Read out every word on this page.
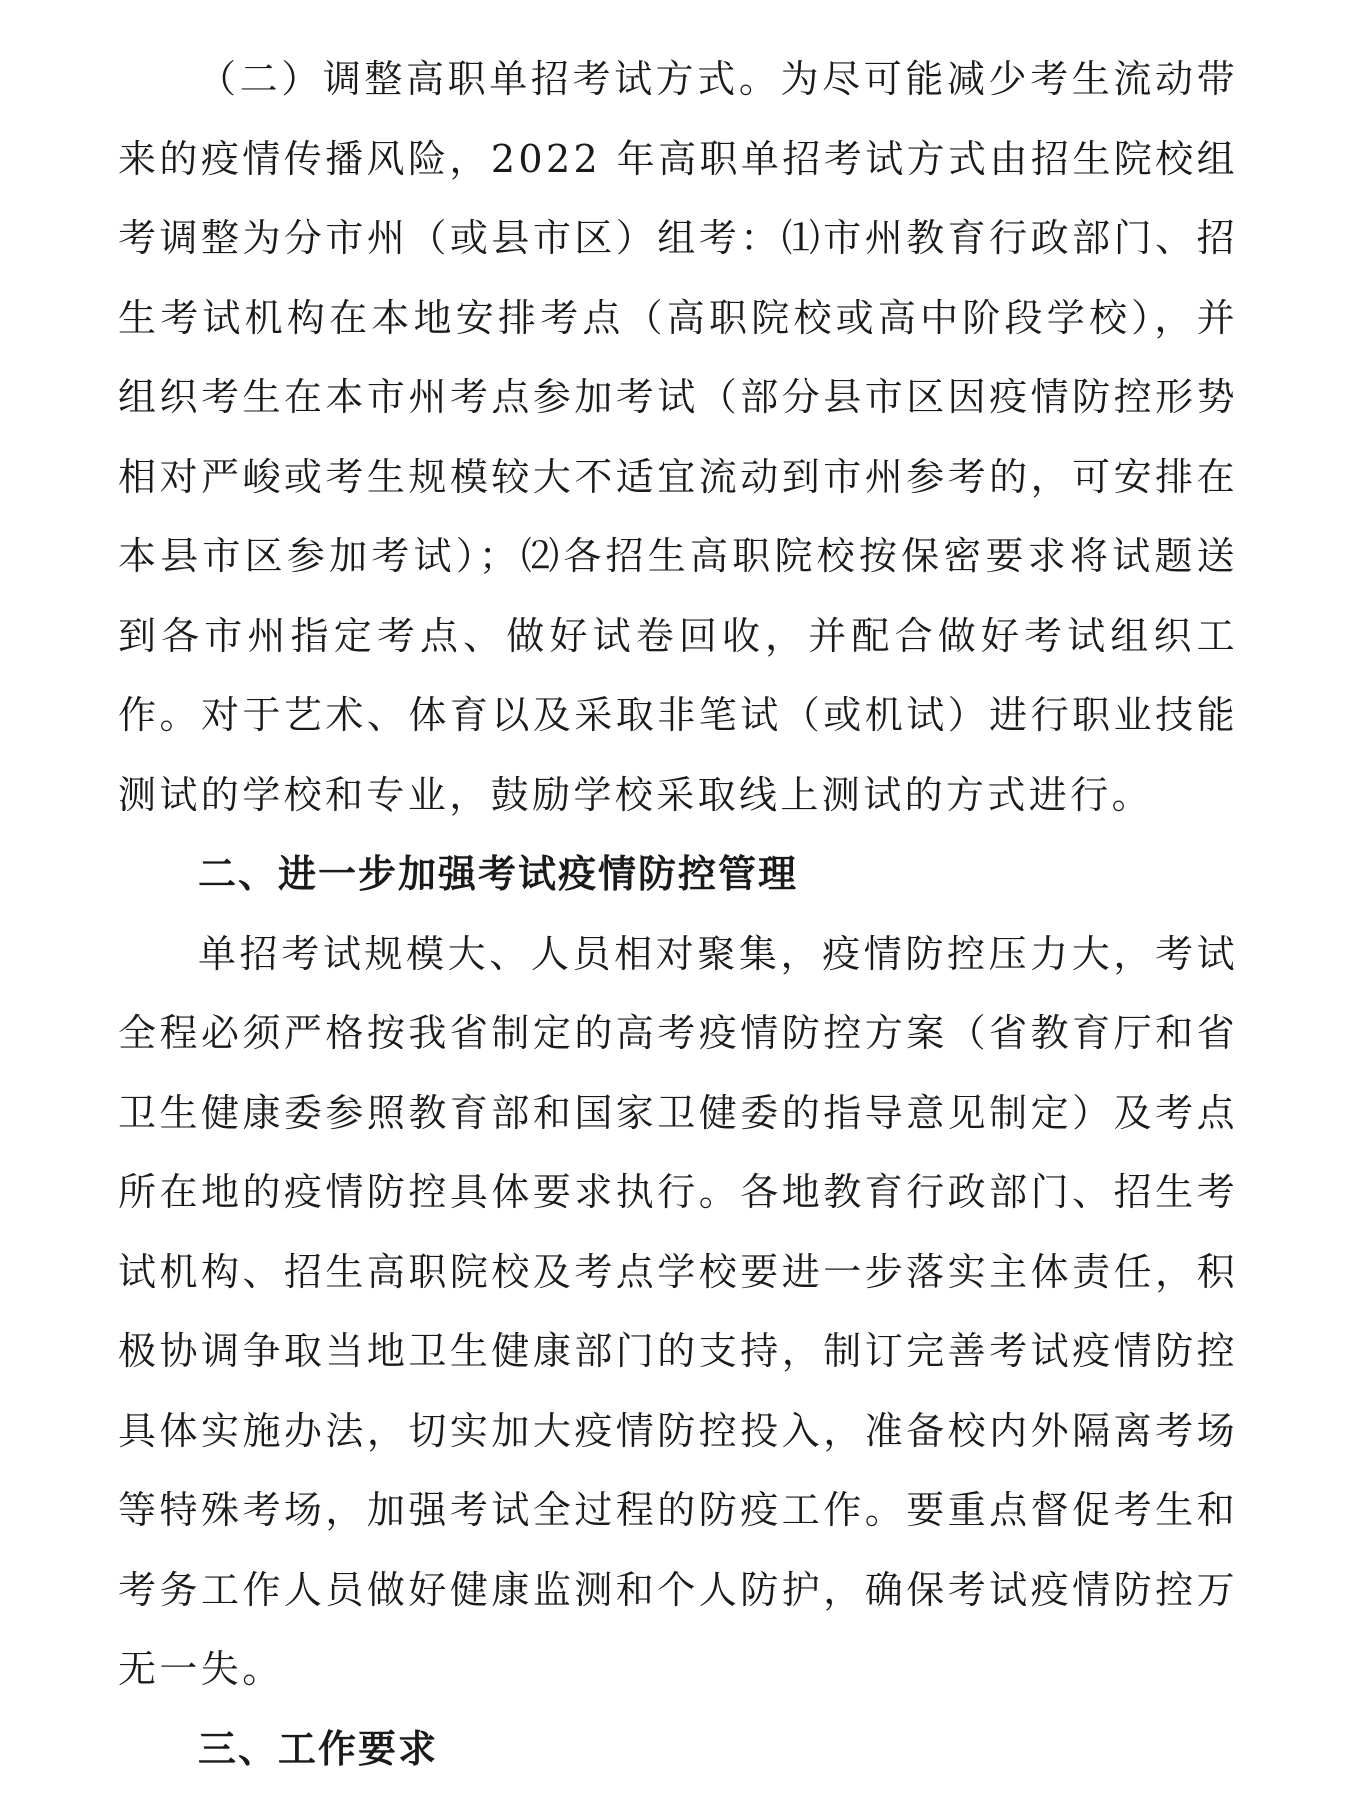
（二）调整高职单招考试方式。为尽可能减少考生流动带来的疫情传播风险，2022 年高职单招考试方式由招生院校组考调整为分市州（或县市区）组考：⑴市州教育行政部门、招生考试机构在本地安排考点（高职院校或高中阶段学校），并组织考生在本市州考点参加考试（部分县市区因疫情防控形势相对严峻或考生规模较大不适宜流动到市州参考的，可安排在本县市区参加考试）；⑵各招生高职院校按保密要求将试题送到各市州指定考点、做好试卷回收，并配合做好考试组织工作。对于艺术、体育以及采取非笔试（或机试）进行职业技能测试的学校和专业，鼓励学校采取线上测试的方式进行。

二、进一步加强考试疫情防控管理

单招考试规模大、人员相对聚集，疫情防控压力大，考试全程必须严格按我省制定的高考疫情防控方案（省教育厅和省卫生健康委参照教育部和国家卫健委的指导意见制定）及考点所在地的疫情防控具体要求执行。各地教育行政部门、招生考试机构、招生高职院校及考点学校要进一步落实主体责任，积极协调争取当地卫生健康部门的支持，制订完善考试疫情防控具体实施办法，切实加大疫情防控投入，准备校内外隔离考场等特殊考场，加强考试全过程的防疫工作。要重点督促考生和考务工作人员做好健康监测和个人防护，确保考试疫情防控万无一失。

三、工作要求
